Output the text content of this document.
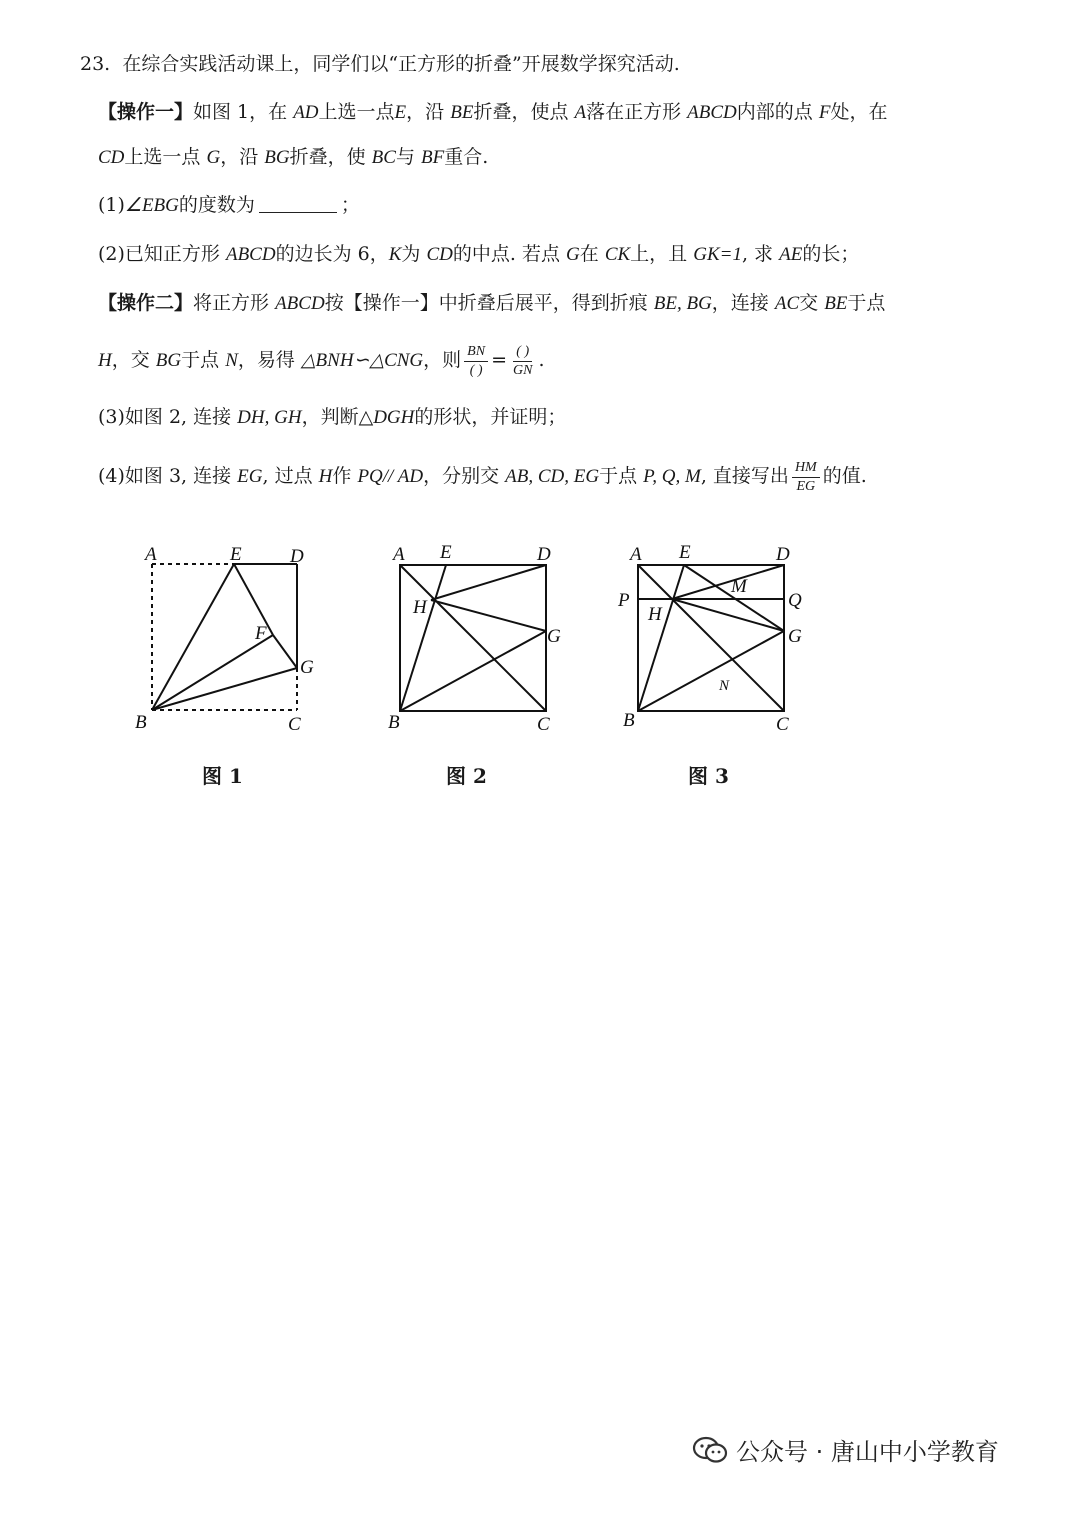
23. 在综合实践活动课上，同学们以“正方形的折叠”开展数学探究活动.
【操作一】如图 1，在 AD上选一点E，沿 BE折叠，使点 A落在正方形 ABCD内部的点 F处，在
CD上选一点 G，沿 BG折叠，使 BC与 BF重合.
(1)∠EBG的度数为	；
(2)已知正方形 ABCD的边长为 6，K为 CD的中点. 若点 G在 CK上，且 GK=1, 求 AE的长；
【操作二】将正方形 ABCD按【操作一】中折叠后展平，得到折痕 BE, BG，连接 AC交 BE于点
H，交 BG于点 N，易得 △BNH∽△CNG，则 $\frac{BN}{( )} = \frac{( )}{GN}$ .
(3)如图 2, 连接 DH, GH，判断△DGH的形状，并证明；
(4)如图 3, 连接 EG, 过点 H作 PQ// AD，分别交 AB, CD, EG于点 P, Q, M, 直接写出 $\frac{HM}{EG}$ 的值.
A	E	D
F
G
B	C
图 1
A E	D
H
G
B	C
图 2
A E	D
P
M
Q
H
G
N
B	C
图 3
公众号 · 唐山中小学教育
